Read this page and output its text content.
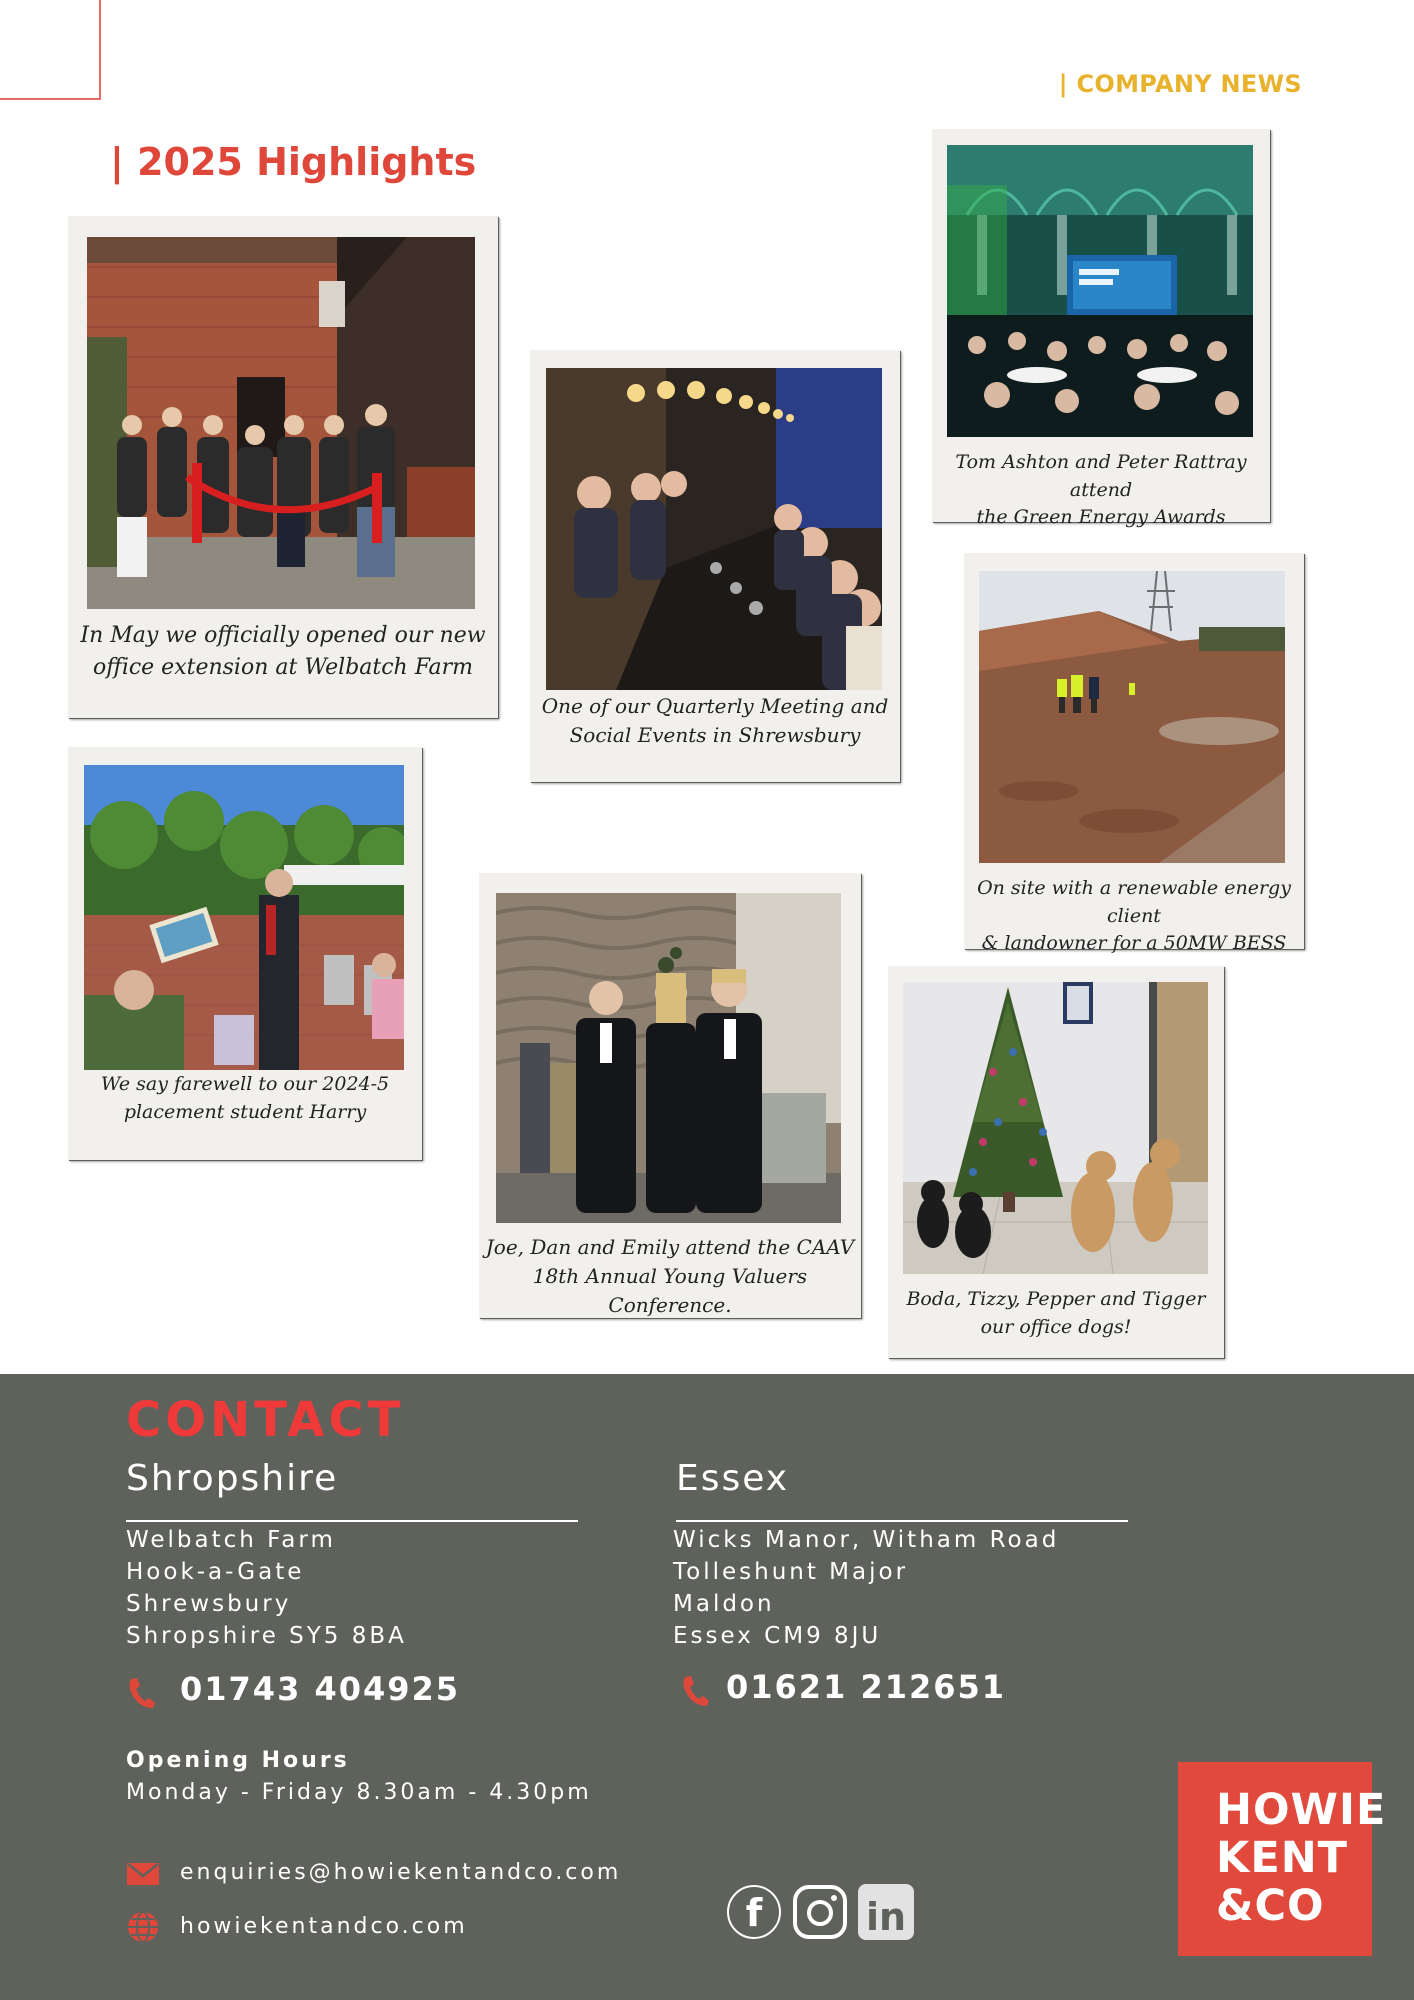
| COMPANY NEWS
| 2025 Highlights
In May we officially opened our new
office extension at Welbatch Farm
One of our Quarterly Meeting and
Social Events in Shrewsbury
Tom Ashton and Peter Rattray attend
the Green Energy Awards
On site with a renewable energy client
& landowner for a 50MW BESS
We say farewell to our 2024-5
placement student Harry
Joe, Dan and Emily attend the CAAV
18th Annual Young Valuers Conference.	Boda, Tizzy, Pepper and Tigger
our office dogs!
CONTACT
Shropshire
Welbatch Farm
Hook-a-Gate
Shrewsbury
Shropshire SY5 8BA
01743 404925
Essex
Wicks Manor, Witham Road
Tolleshunt Major
Maldon
Essex CM9 8JU
01621 212651
Opening Hours
Monday - Friday 8.30am - 4.30pm
enquiries@howiekentandco.com
howiekentandco.com	f	in
HOWIE
KENT
&CO
